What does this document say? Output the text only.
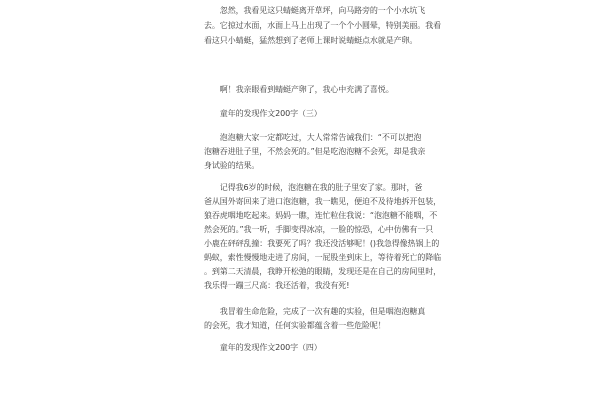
　　忽然，我看见这只蜻蜓离开草坪，向马路旁的一个小水坑飞
去。它掠过水面，水面上马上出现了一个个小圆晕，特别美丽。我看
看这只小蜻蜓，猛然想到了老师上课时说蜻蜓点水就是产卵。
　　啊！我亲眼看到蜻蜓产卵了，我心中充满了喜悦。
　　童年的发现作文200字（三）
　　泡泡糖大家一定都吃过，大人常常告诫我们：“不可以把泡
泡糖吞进肚子里，不然会死的。”但是吃泡泡糖不会死，却是我亲
身试验的结果。
　　记得我6岁的时候，泡泡糖在我的肚子里安了家。那时，爸
爸从国外寄回来了进口泡泡糖，我一瞧见，便迫不及待地拆开包装，
狼吞虎咽地吃起来。妈妈一瞧，连忙粒住我说：“泡泡糖不能咽，不
然会死的。”我一听，手脚变得冰凉，一脸的惊恐，心中仿佛有一只
小鹿在砰砰乱撞：我要死了吗？我还没活够呢！()我急得像热锅上的
蚂蚁，索性慢慢地走进了房间，一屁股坐到床上，等待着死亡的降临
。到第二天清晨，我睁开松弛的眼睛，发现还是在自己的房间里时，
我乐得一蹦三尺高：我还活着，我没有死!
　　我冒着生命危险，完成了一次有趣的实验，但是咽泡泡糖真
的会死，我才知道，任何实验都蕴含着一些危险呢！
　　童年的发现作文200字（四）
